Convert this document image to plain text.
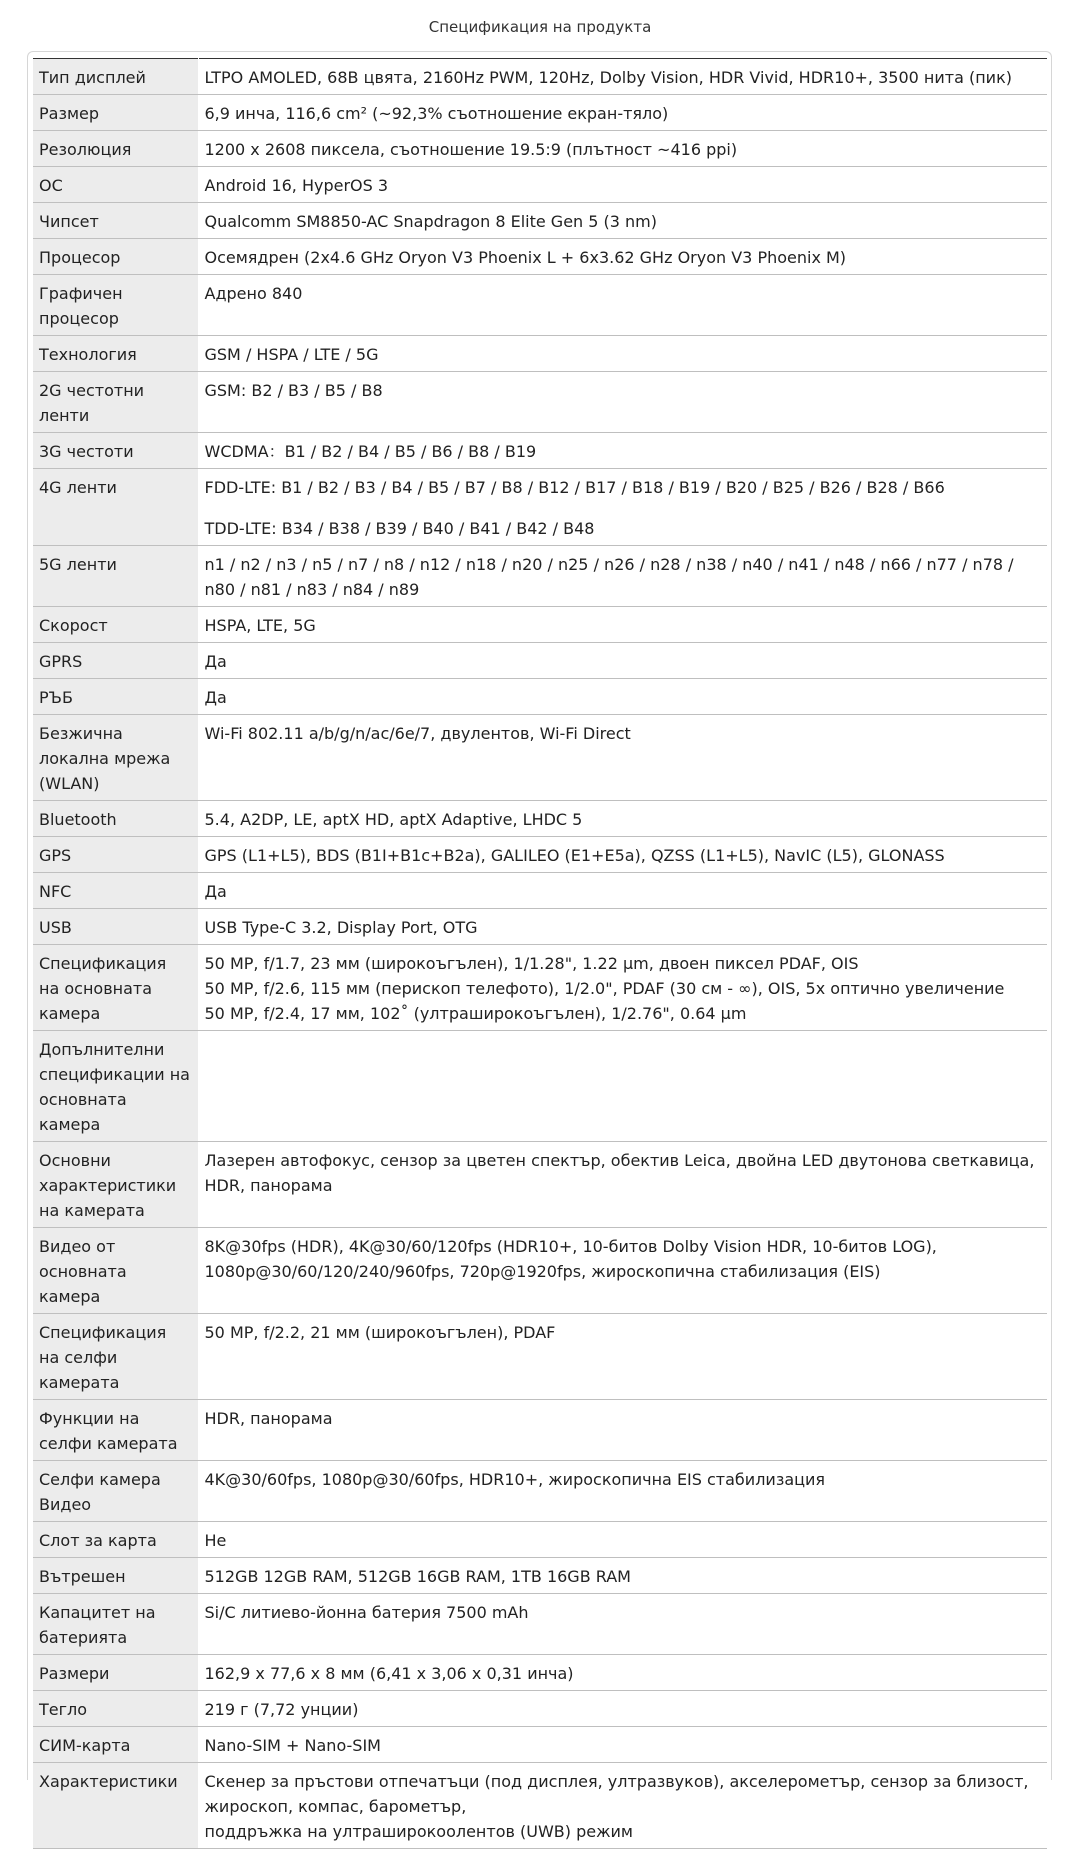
Спецификация на продукта
Тип дисплей	LTPO AMOLED, 68В цвята, 2160Hz PWM, 120Hz, Dolby Vision, HDR Vivid, HDR10+, 3500 нита (пик)

Размер	6,9 инча, 116,6 cm² (~92,3% съотношение екран-тяло)

Резолюция	1200 x 2608 пиксела, съотношение 19.5:9 (плътност ~416 ppi)

ОС	Android 16, HyperOS 3

Чипсет	Qualcomm SM8850-AC Snapdragon 8 Elite Gen 5 (3 nm)

Процесор	Осемядрен (2x4.6 GHz Oryon V3 Phoenix L + 6x3.62 GHz Oryon V3 Phoenix M)

Графичен процесор	Адрено 840

Технология	GSM / HSPA / LTE / 5G

2G честотни ленти	GSM: B2 / B3 / B5 / B8

3G честоти	WCDMA：B1 / B2 / B4 / B5 / B6 / B8 / B19

4G ленти	FDD-LTE: B1 / B2 / B3 / B4 / B5 / B7 / B8 / B12 / B17 / B18 / B19 / B20 / B25 / B26 / B28 / B66
TDD-LTE: B34 / B38 / B39 / B40 / B41 / B42 / B48

5G ленти	n1 / n2 / n3 / n5 / n7 / n8 / n12 / n18 / n20 / n25 / n26 / n28 / n38 / n40 / n41 / n48 / n66 / n77 / n78 / n80 / n81 / n83 / n84 / n89

Скорост	HSPA, LTE, 5G

GPRS	Да

РЪБ	Да

Безжична локална мрежа (WLAN)	Wi-Fi 802.11 a/b/g/n/ac/6e/7, двулентов, Wi-Fi Direct

Bluetooth	5.4, A2DP, LE, aptX HD, aptX Adaptive, LHDC 5

GPS	GPS (L1+L5), BDS (B1I+B1c+B2a), GALILEO (E1+E5a), QZSS (L1+L5), NavIC (L5), GLONASS

NFC	Да

USB	USB Type-C 3.2, Display Port, OTG

Спецификация на основната камера	50 MP, f/1.7, 23 мм (широкоъгълен), 1/1.28", 1.22 µm, двоен пиксел PDAF, OIS
50 MP, f/2.6, 115 мм (перископ телефото), 1/2.0", PDAF (30 см - ∞), OIS, 5x оптично увеличение
50 MP, f/2.4, 17 мм, 102˚ (ултраширокоъгълен), 1/2.76", 0.64 µm

Допълнителни спецификации на основната камера	

Основни характеристики на камерата	Лазерен автофокус, сензор за цветен спектър, обектив Leica, двойна LED двутонова светкавица, HDR, панорама

Видео от основната камера	8K@30fps (HDR), 4K@30/60/120fps (HDR10+, 10-битов Dolby Vision HDR, 10-битов LOG), 1080p@30/60/120/240/960fps, 720p@1920fps, жироскопична стабилизация (EIS)

Спецификация на селфи камерата	50 MP, f/2.2, 21 мм (широкоъгълен), PDAF

Функции на селфи камерата	HDR, панорама

Селфи камера Видео	4K@30/60fps, 1080p@30/60fps, HDR10+, жироскопична EIS стабилизация

Слот за карта	Не

Вътрешен	512GB 12GB RAM, 512GB 16GB RAM, 1TB 16GB RAM

Капацитет на батерията	Si/C литиево-йонна батерия 7500 mAh

Размери	162,9 x 77,6 x 8 мм (6,41 x 3,06 x 0,31 инча)

Тегло	219 г (7,72 унции)

СИМ-карта	Nano-SIM + Nano-SIM

Характеристики	Скенер за пръстови отпечатъци (под дисплея, ултразвуков), акселерометър, сензор за близост, жироскоп, компас, барометър,
поддръжка на ултраширокоолентов (UWB) режим
